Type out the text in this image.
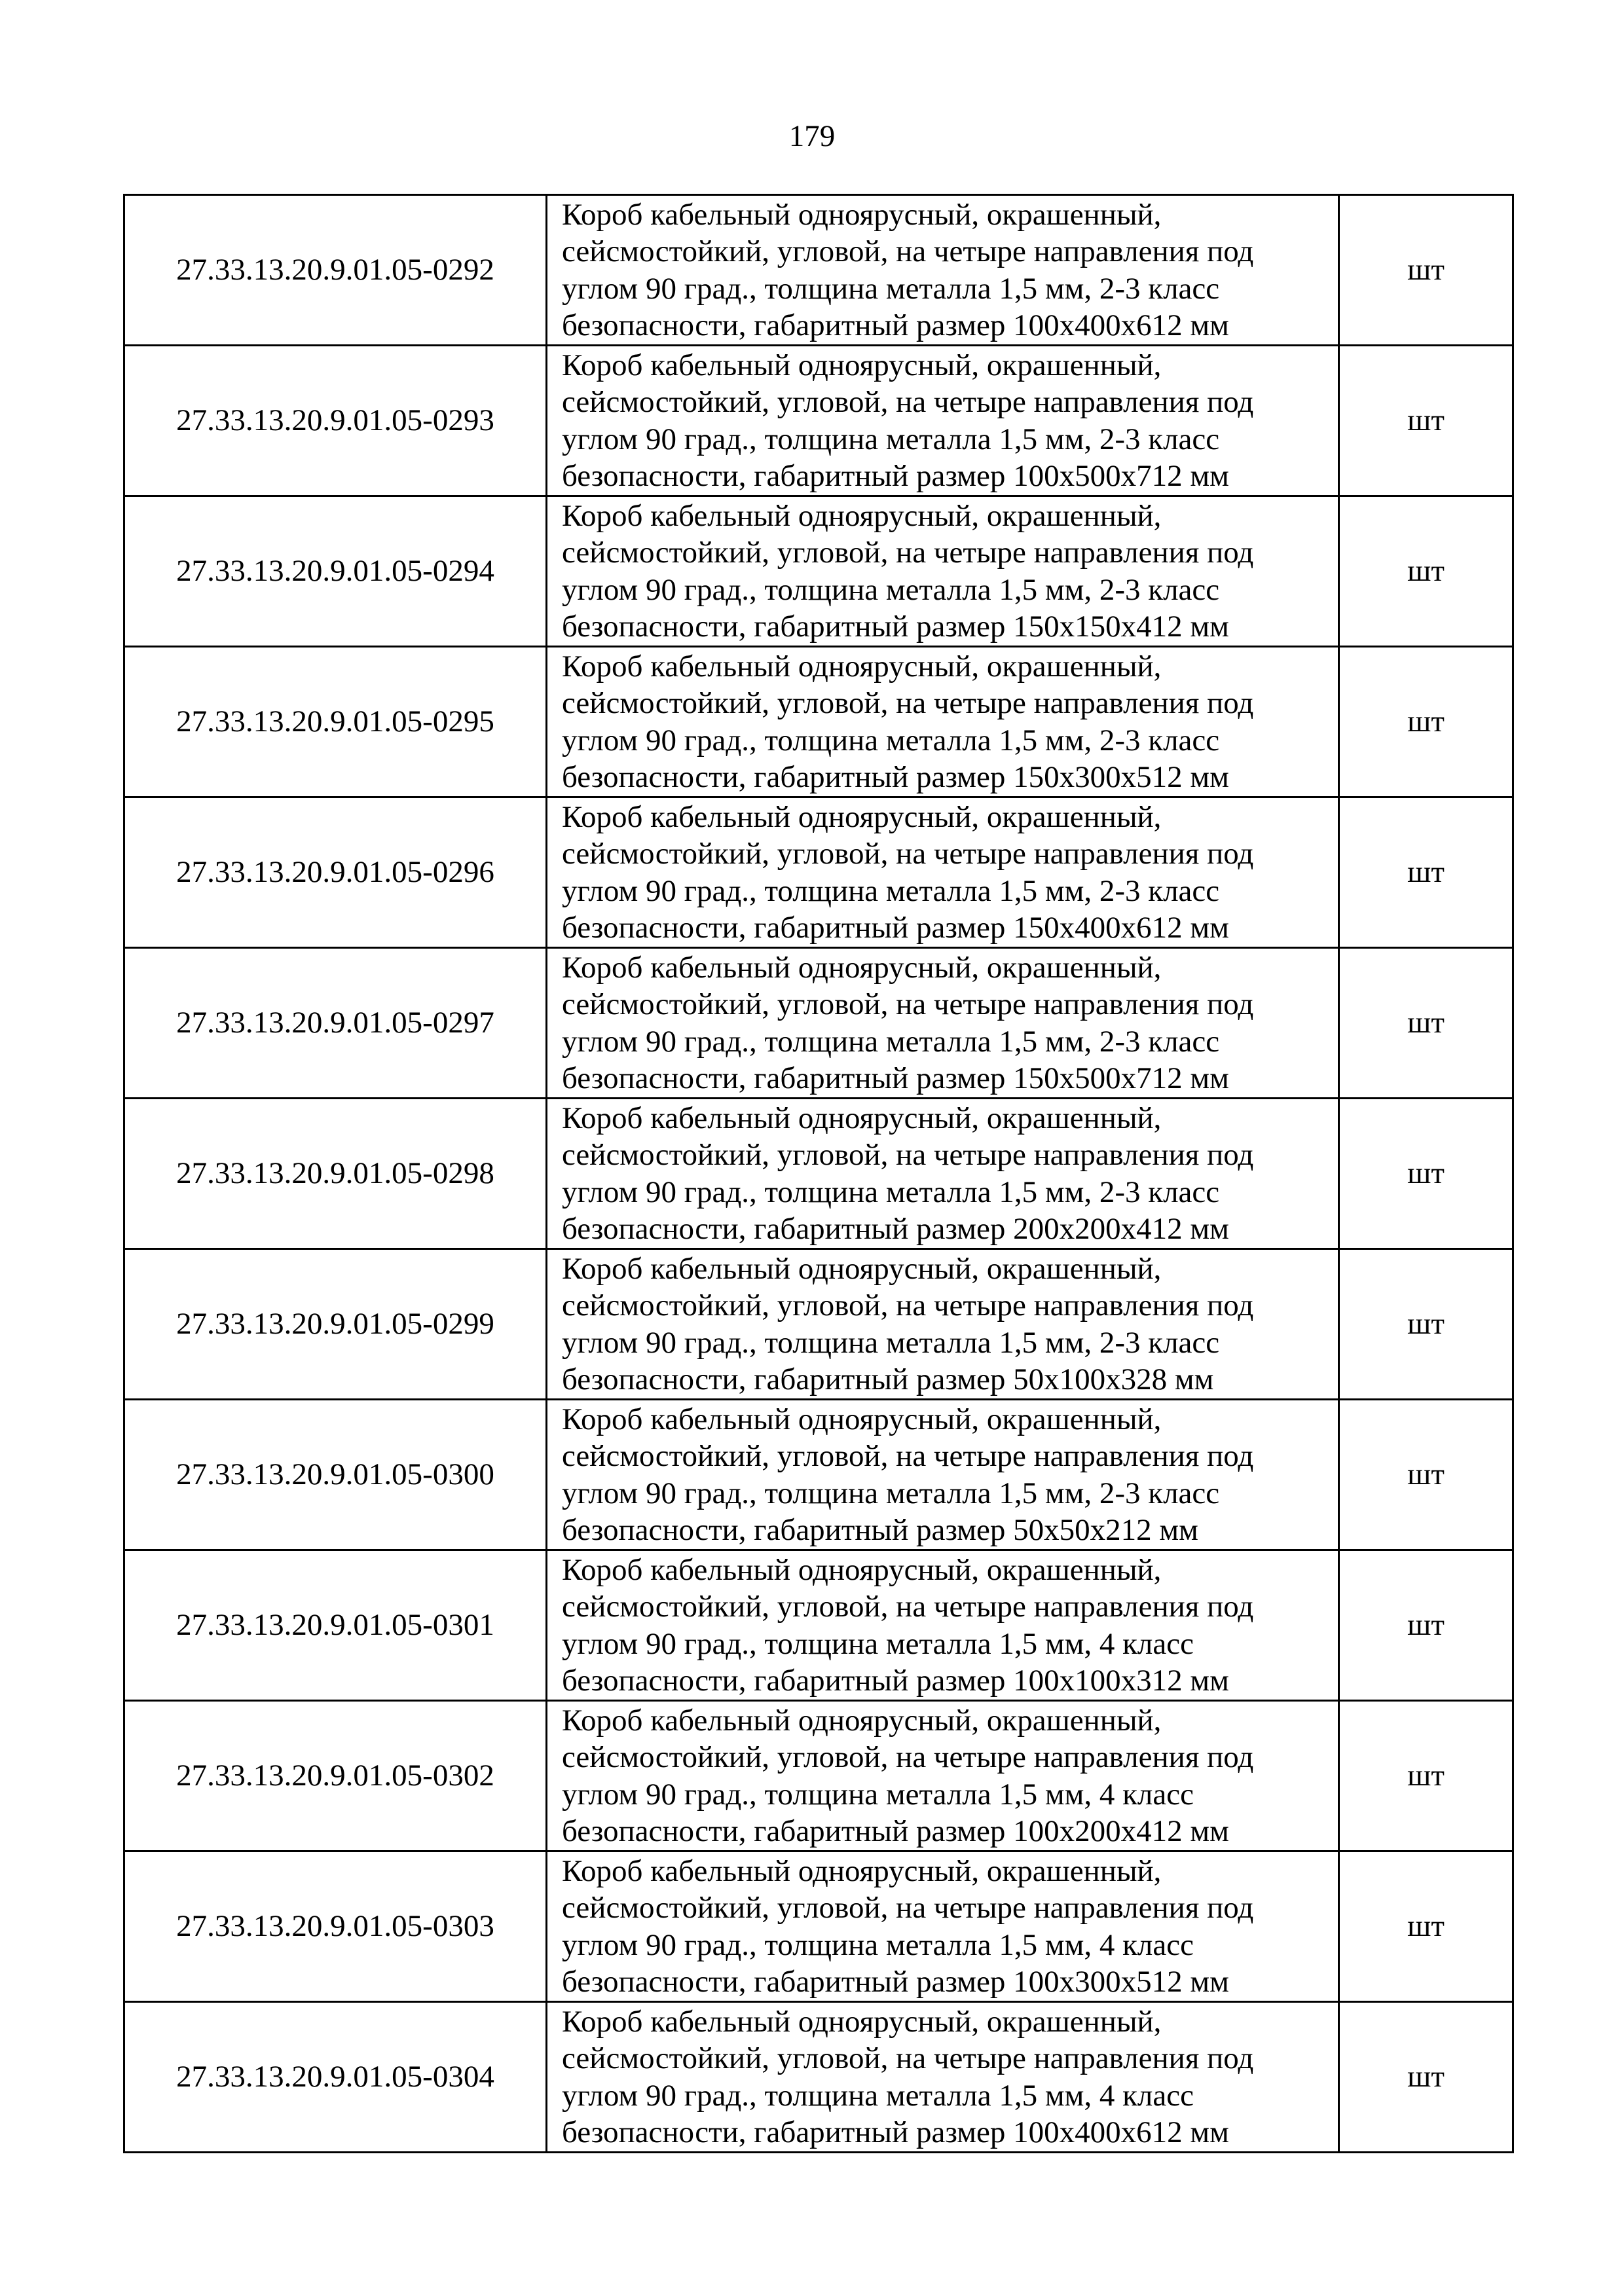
179
27.33.13.20.9.01.05-0292	Короб кабельный одноярусный, окрашенный,
сейсмостойкий, угловой, на четыре направления под
углом 90 град., толщина металла 1,5 мм, 2-3 класс
безопасности, габаритный размер 100х400х612 мм	шт
27.33.13.20.9.01.05-0293	Короб кабельный одноярусный, окрашенный,
сейсмостойкий, угловой, на четыре направления под
углом 90 град., толщина металла 1,5 мм, 2-3 класс
безопасности, габаритный размер 100х500х712 мм	шт
27.33.13.20.9.01.05-0294	Короб кабельный одноярусный, окрашенный,
сейсмостойкий, угловой, на четыре направления под
углом 90 град., толщина металла 1,5 мм, 2-3 класс
безопасности, габаритный размер 150х150х412 мм	шт
27.33.13.20.9.01.05-0295	Короб кабельный одноярусный, окрашенный,
сейсмостойкий, угловой, на четыре направления под
углом 90 град., толщина металла 1,5 мм, 2-3 класс
безопасности, габаритный размер 150х300х512 мм	шт
27.33.13.20.9.01.05-0296	Короб кабельный одноярусный, окрашенный,
сейсмостойкий, угловой, на четыре направления под
углом 90 град., толщина металла 1,5 мм, 2-3 класс
безопасности, габаритный размер 150х400х612 мм	шт
27.33.13.20.9.01.05-0297	Короб кабельный одноярусный, окрашенный,
сейсмостойкий, угловой, на четыре направления под
углом 90 град., толщина металла 1,5 мм, 2-3 класс
безопасности, габаритный размер 150х500х712 мм	шт
27.33.13.20.9.01.05-0298	Короб кабельный одноярусный, окрашенный,
сейсмостойкий, угловой, на четыре направления под
углом 90 град., толщина металла 1,5 мм, 2-3 класс
безопасности, габаритный размер 200х200х412 мм	шт
27.33.13.20.9.01.05-0299	Короб кабельный одноярусный, окрашенный,
сейсмостойкий, угловой, на четыре направления под
углом 90 град., толщина металла 1,5 мм, 2-3 класс
безопасности, габаритный размер 50х100х328 мм	шт
27.33.13.20.9.01.05-0300	Короб кабельный одноярусный, окрашенный,
сейсмостойкий, угловой, на четыре направления под
углом 90 град., толщина металла 1,5 мм, 2-3 класс
безопасности, габаритный размер 50х50х212 мм	шт
27.33.13.20.9.01.05-0301	Короб кабельный одноярусный, окрашенный,
сейсмостойкий, угловой, на четыре направления под
углом 90 град., толщина металла 1,5 мм, 4 класс
безопасности, габаритный размер 100х100х312 мм	шт
27.33.13.20.9.01.05-0302	Короб кабельный одноярусный, окрашенный,
сейсмостойкий, угловой, на четыре направления под
углом 90 град., толщина металла 1,5 мм, 4 класс
безопасности, габаритный размер 100х200х412 мм	шт
27.33.13.20.9.01.05-0303	Короб кабельный одноярусный, окрашенный,
сейсмостойкий, угловой, на четыре направления под
углом 90 град., толщина металла 1,5 мм, 4 класс
безопасности, габаритный размер 100х300х512 мм	шт
27.33.13.20.9.01.05-0304	Короб кабельный одноярусный, окрашенный,
сейсмостойкий, угловой, на четыре направления под
углом 90 град., толщина металла 1,5 мм, 4 класс
безопасности, габаритный размер 100х400х612 мм	шт
